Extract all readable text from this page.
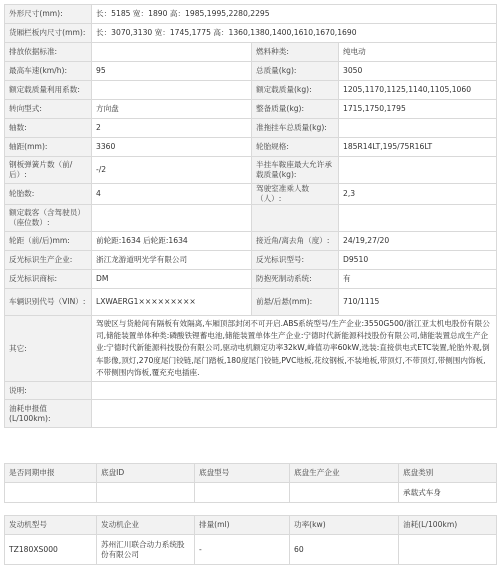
外形尺寸(mm):	长：5185 宽：1890 高：1985,1995,2280,2295		
货厢栏板内尺寸(mm):	长：3070,3130 宽：1745,1775 高：1360,1380,1400,1610,1670,1690		
排放依据标准:		燃料种类:	纯电动
最高车速(km/h):	95	总质量(kg):	3050
额定载质量利用系数:		额定载质量(kg):	1205,1170,1125,1140,1105,1060
转向型式:	方向盘	整备质量(kg):	1715,1750,1795
轴数:	2	准拖挂车总质量(kg):	
轴距(mm):	3360	轮胎规格:	185R14LT,195/75R16LT
钢板弹簧片数（前/后）:	-/2	半挂车鞍座最大允许承载质量(kg):	
轮胎数:	4	驾驶室准乘人数（人）:	2,3
额定载客（含驾驶员）（座位数）:			
轮距（前/后)mm:	前轮距:1634 后轮距:1634	接近角/离去角（度）:	24/19,27/20
反光标识生产企业:	浙江龙游道明光学有限公司	反光标识型号:	D9510
反光标识商标:	DM	防抱死制动系统:	有
车辆识别代号（VIN）:	LXWAERG1×××××××××	前悬/后悬(mm):	710/1115
其它:	驾驶区与货舱间有隔板有效隔离,车厢顶部封闭不可开启.ABS系统型号/生产企业:3550G500/浙江亚太机电股份有限公司,储能装置单体种类:磷酸铁锂蓄电池,储能装置单体生产企业:宁德时代新能源科技股份有限公司,储能装置总成生产企业:宁德时代新能源科技股份有限公司,驱动电机额定功率32kW,峰值功率60kW,选装:直接供电式ETC装置,轮胎外观,倒车影像,顶灯,270度尾门铰链,尾门踏板,180度尾门铰链,PVC地板,花纹钢板,不装地板,带顶灯,不带顶灯,带侧围内饰板,不带侧围内饰板,覆充充电插座.		
说明:			
油耗申报值(L/100km):			
是否同期申报	底盘ID	底盘型号	底盘生产企业	底盘类别
				承载式车身
发动机型号	发动机企业	排量(ml)	功率(kw)	油耗(L/100km)
TZ180XS000	苏州汇川联合动力系统股份有限公司	-	60	
